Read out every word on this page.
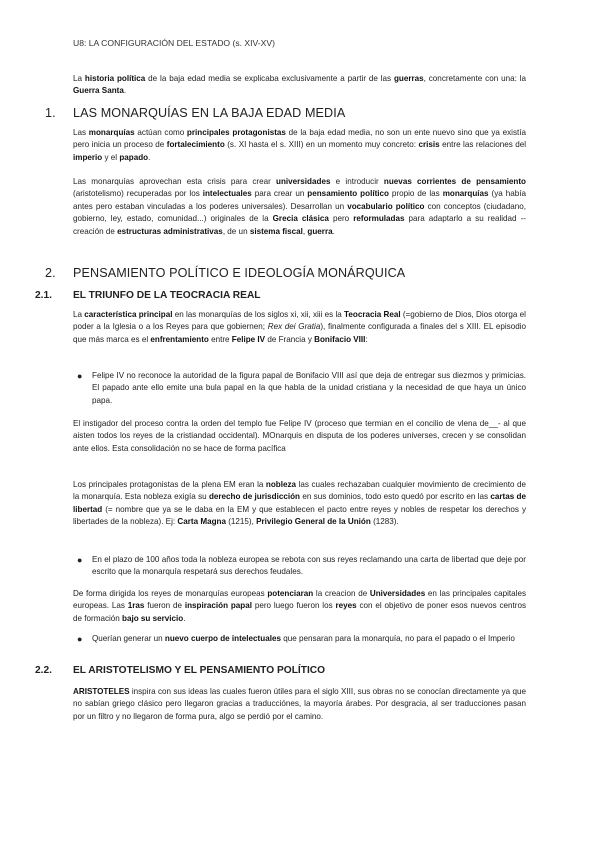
U8: LA CONFIGURACIÓN DEL ESTADO (s. XIV-XV)

La historia política de la baja edad media se explicaba exclusivamente a partir de las guerras, concretamente con una: la Guerra Santa.

1. LAS MONARQUÍAS EN LA BAJA EDAD MEDIA

Las monarquías actúan como principales protagonistas de la baja edad media, no son un ente nuevo sino que ya existía pero inicia un proceso de fortalecimiento (s. XI hasta el s. XIII) en un momento muy concreto: crisis entre las relaciones del imperio y el papado.

Las monarquías aprovechan esta crisis para crear universidades e introducir nuevas corrientes de pensamiento (aristotelismo) recuperadas por los intelectuales para crear un pensamiento político propio de las monarquías (ya había antes pero estaban vinculadas a los poderes universales). Desarrollan un vocabulario político con conceptos (ciudadano, gobierno, ley, estado, comunidad...) originales de la Grecia clásica pero reformuladas para adaptarlo a su realidad -- creación de estructuras administrativas, de un sistema fiscal, guerra.

2. PENSAMIENTO POLÍTICO E IDEOLOGÍA MONÁRQUICA
2.1. EL TRIUNFO DE LA TEOCRACIA REAL

La característica principal en las monarquías de los siglos xi, xii, xiii es la Teocracia Real (=gobierno de Dios, Dios otorga el poder a la Iglesia o a los Reyes para que gobiernen; Rex dei Gratia), finalmente configurada a finales del s XIII. EL episodio que más marca es el enfrentamiento entre Felipe IV de Francia y Bonifacio VIII:

● Felipe IV no reconoce la autoridad de la figura papal de Bonifacio VIII así que deja de entregar sus diezmos y primicias. El papado ante ello emite una bula papal en la que habla de la unidad cristiana y la necesidad de que haya un único papa.

El instigador del proceso contra la orden del templo fue Felipe IV (proceso que termian en el concilio de vlena de__- al que aisten todos los reyes de la cristiandad occidental). MOnarquis en disputa de los poderes universes, crecen y se consolidan ante ellos. Esta consolidación no se hace de forma pacífica

Los principales protagonistas de la plena EM eran la nobleza las cuales rechazaban cualquier movimiento de crecimiento de la monarquía. Esta nobleza exigía su derecho de jurisdicción en sus dominios, todo esto quedó por escrito en las cartas de libertad (= nombre que ya se le daba en la EM y que establecen el pacto entre reyes y nobles de respetar los derechos y libertades de la nobleza). Ej: Carta Magna (1215), Privilegio General de la Unión (1283).

● En el plazo de 100 años toda la nobleza europea se rebota con sus reyes reclamando una carta de libertad que deje por escrito que la monarquía respetará sus derechos feudales.

De forma dirigida los reyes de monarquías europeas potenciaran la creacion de Universidades en las principales capitales europeas. Las 1ras fueron de inspiración papal pero luego fueron los reyes con el objetivo de poner esos nuevos centros de formación bajo su servicio.

● Querían generar un nuevo cuerpo de intelectuales que pensaran para la monarquía, no para el papado o el Imperio
2.2. EL ARISTOTELISMO Y EL PENSAMIENTO POLÍTICO

ARISTOTELES inspira con sus ideas las cuales fueron útiles para el siglo XIII, sus obras no se conocían directamente ya que no sabían griego clásico pero llegaron gracias a traducciónes, la mayoría árabes. Por desgracia, al ser traducciones pasan por un filtro y no llegaron de forma pura, algo se perdió por el camino.
